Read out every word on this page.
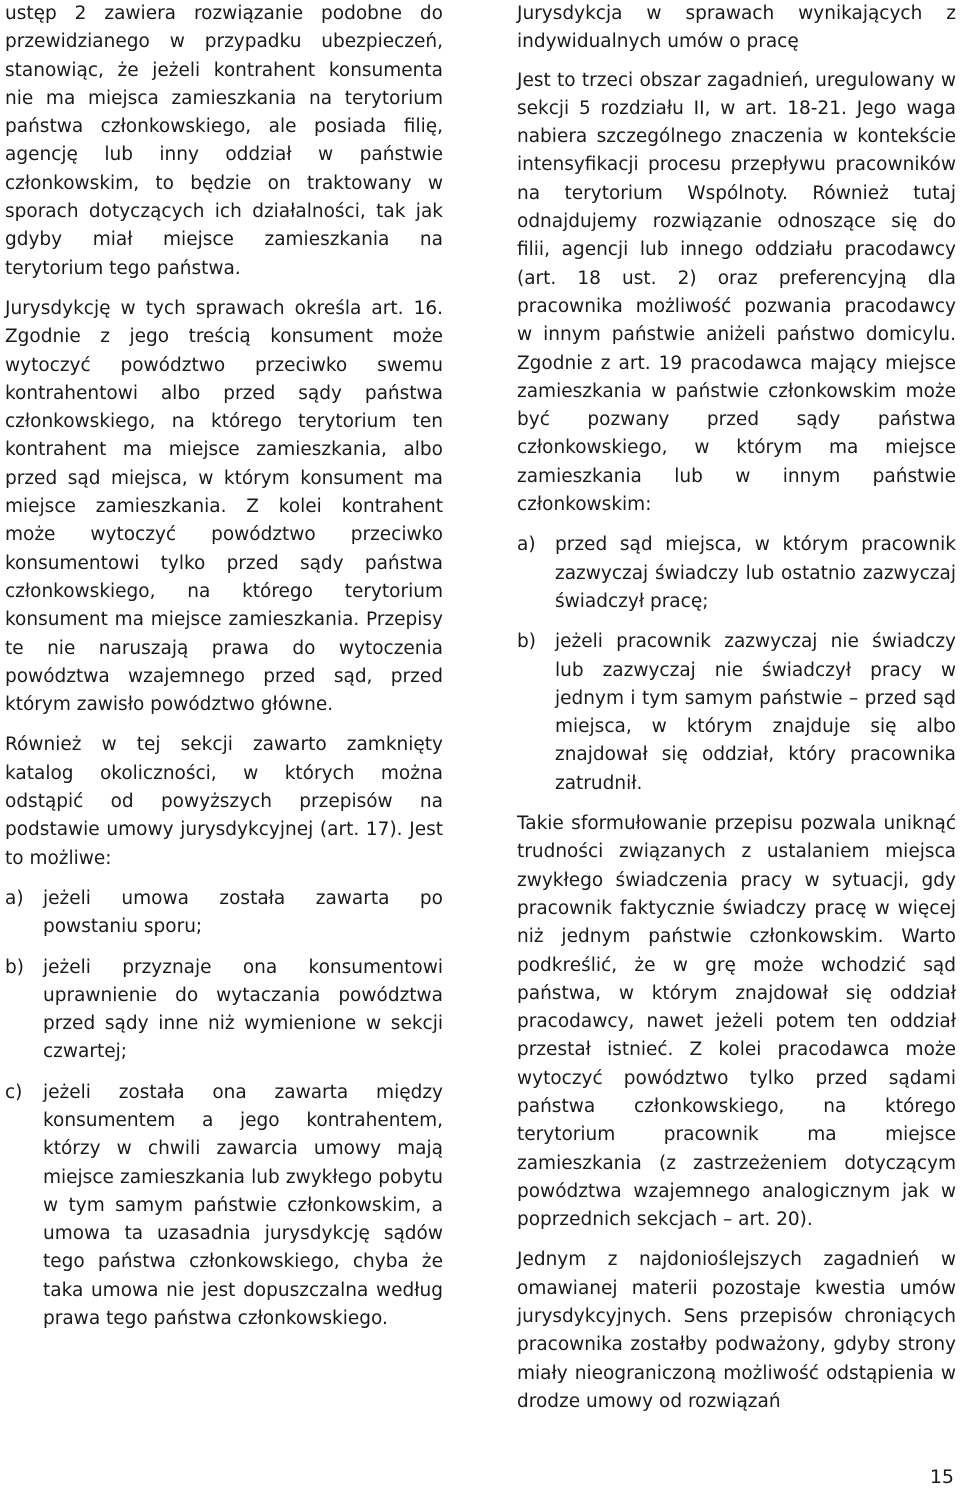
ustęp 2 zawiera rozwiązanie podobne do przewidzianego w przypadku ubezpieczeń, stanowiąc, że jeżeli kontrahent konsumenta nie ma miejsca zamieszkania na terytorium państwa członkowskiego, ale posiada filię, agencję lub inny oddział w państwie członkowskim, to będzie on traktowany w sporach dotyczących ich działalności, tak jak gdyby miał miejsce zamieszkania na terytorium tego państwa.

Jurysdykcję w tych sprawach określa art. 16. Zgodnie z jego treścią konsument może wytoczyć powództwo przeciwko swemu kontrahentowi albo przed sądy państwa członkowskiego, na którego terytorium ten kontrahent ma miejsce zamieszkania, albo przed sąd miejsca, w którym konsument ma miejsce zamieszkania. Z kolei kontrahent może wytoczyć powództwo przeciwko konsumentowi tylko przed sądy państwa członkowskiego, na którego terytorium konsument ma miejsce zamieszkania. Przepisy te nie naruszają prawa do wytoczenia powództwa wzajemnego przed sąd, przed którym zawisło powództwo główne.

Również w tej sekcji zawarto zamknięty katalog okoliczności, w których można odstąpić od powyższych przepisów na podstawie umowy jurysdykcyjnej (art. 17). Jest to możliwe:

a)	jeżeli umowa została zawarta po powstaniu sporu;
b)	jeżeli przyznaje ona konsumentowi uprawnienie do wytaczania powództwa przed sądy inne niż wymienione w sekcji czwartej;
c)	jeżeli została ona zawarta między konsumentem a jego kontrahentem, którzy w chwili zawarcia umowy mają miejsce zamieszkania lub zwykłego pobytu w tym samym państwie członkowskim, a umowa ta uzasadnia jurysdykcję sądów tego państwa członkowskiego, chyba że taka umowa nie jest dopuszczalna według prawa tego państwa członkowskiego.
Jurysdykcja w sprawach wynikających z indywidualnych umów o pracę

Jest to trzeci obszar zagadnień, uregulowany w sekcji 5 rozdziału II, w art. 18-21. Jego waga nabiera szczególnego znaczenia w kontekście intensyfikacji procesu przepływu pracowników na terytorium Wspólnoty. Również tutaj odnajdujemy rozwiązanie odnoszące się do filii, agencji lub innego oddziału pracodawcy (art. 18 ust. 2) oraz preferencyjną dla pracownika możliwość pozwania pracodawcy w innym państwie aniżeli państwo domicylu. Zgodnie z art. 19 pracodawca mający miejsce zamieszkania w państwie członkowskim może być pozwany przed sądy państwa członkowskiego, w którym ma miejsce zamieszkania lub w innym państwie członkowskim:

a)	przed sąd miejsca, w którym pracownik zazwyczaj świadczy lub ostatnio zazwyczaj świadczył pracę;
b)	jeżeli pracownik zazwyczaj nie świadczy lub zazwyczaj nie świadczył pracy w jednym i tym samym państwie – przed sąd miejsca, w którym znajduje się albo znajdował się oddział, który pracownika zatrudnił.

Takie sformułowanie przepisu pozwala uniknąć trudności związanych z ustalaniem miejsca zwykłego świadczenia pracy w sytuacji, gdy pracownik faktycznie świadczy pracę w więcej niż jednym państwie członkowskim. Warto podkreślić, że w grę może wchodzić sąd państwa, w którym znajdował się oddział pracodawcy, nawet jeżeli potem ten oddział przestał istnieć. Z kolei pracodawca może wytoczyć powództwo tylko przed sądami państwa członkowskiego, na którego terytorium pracownik ma miejsce zamieszkania (z zastrzeżeniem dotyczącym powództwa wzajemnego analogicznym jak w poprzednich sekcjach – art. 20).

Jednym z najdonioślejszych zagadnień w omawianej materii pozostaje kwestia umów jurysdykcyjnych. Sens przepisów chroniących pracownika zostałby podważony, gdyby strony miały nieograniczoną możliwość odstąpienia w drodze umowy od rozwiązań

15
